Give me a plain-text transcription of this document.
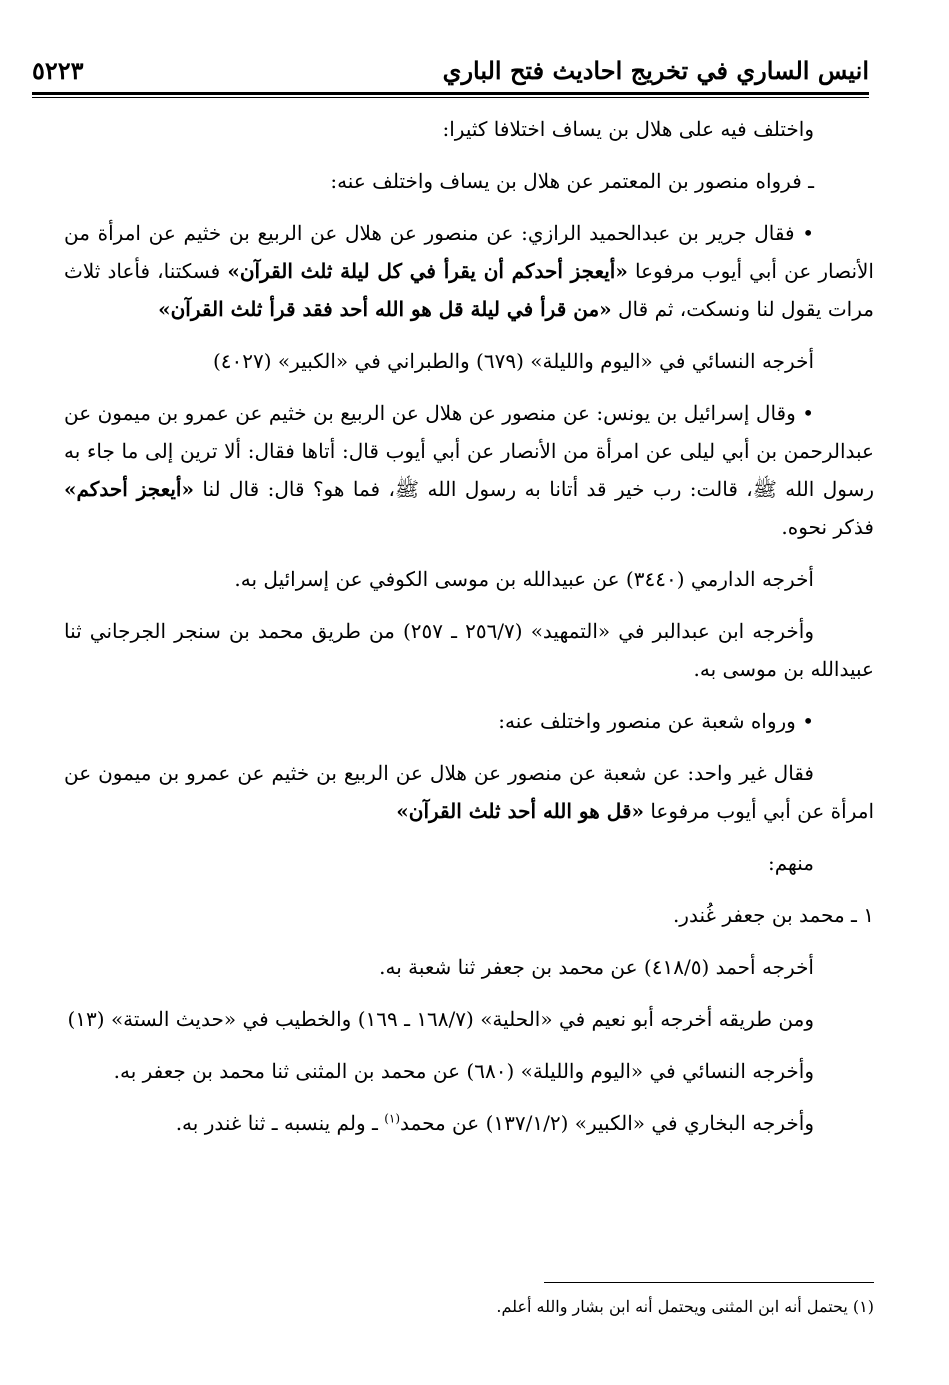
انيس الساري في تخريج احاديث فتح الباري
٥٢٢٣

واختلف فيه على هلال بن يساف اختلافا كثيرا:

ـ فرواه منصور بن المعتمر عن هلال بن يساف واختلف عنه:

• فقال جرير بن عبدالحميد الرازي: عن منصور عن هلال عن الربيع بن خثيم عن امرأة من الأنصار عن أبي أيوب مرفوعا «أيعجز أحدكم أن يقرأ في كل ليلة ثلث القرآن» فسكتنا، فأعاد ثلاث مرات يقول لنا ونسكت، ثم قال «من قرأ في ليلة قل هو الله أحد فقد قرأ ثلث القرآن»

أخرجه النسائي في «اليوم والليلة» (٦٧٩) والطبراني في «الكبير» (٤٠٢٧)

• وقال إسرائيل بن يونس: عن منصور عن هلال عن الربيع بن خثيم عن عمرو بن ميمون عن عبدالرحمن بن أبي ليلى عن امرأة من الأنصار عن أبي أيوب قال: أتاها فقال: ألا ترين إلى ما جاء به رسول الله ﷺ، قالت: رب خير قد أتانا به رسول الله ﷺ، فما هو؟ قال: قال لنا «أيعجز أحدكم» فذكر نحوه.

أخرجه الدارمي (٣٤٤٠) عن عبيدالله بن موسى الكوفي عن إسرائيل به.

وأخرجه ابن عبدالبر في «التمهيد» (٢٥٦/٧ ـ ٢٥٧) من طريق محمد بن سنجر الجرجاني ثنا عبيدالله بن موسى به.

• ورواه شعبة عن منصور واختلف عنه:

فقال غير واحد: عن شعبة عن منصور عن هلال عن الربيع بن خثيم عن عمرو بن ميمون عن امرأة عن أبي أيوب مرفوعا «قل هو الله أحد ثلث القرآن»

منهم:

١ ـ محمد بن جعفر غُندر.

أخرجه أحمد (٤١٨/٥) عن محمد بن جعفر ثنا شعبة به.

ومن طريقه أخرجه أبو نعيم في «الحلية» (١٦٨/٧ ـ ١٦٩) والخطيب في «حديث الستة» (١٣)

وأخرجه النسائي في «اليوم والليلة» (٦٨٠) عن محمد بن المثنى ثنا محمد بن جعفر به.

وأخرجه البخاري في «الكبير» (١٣٧/١/٢) عن محمد$^{(١)}$ ـ ولم ينسبه ـ ثنا غندر به.

(١) يحتمل أنه ابن المثنى ويحتمل أنه ابن بشار والله أعلم.
